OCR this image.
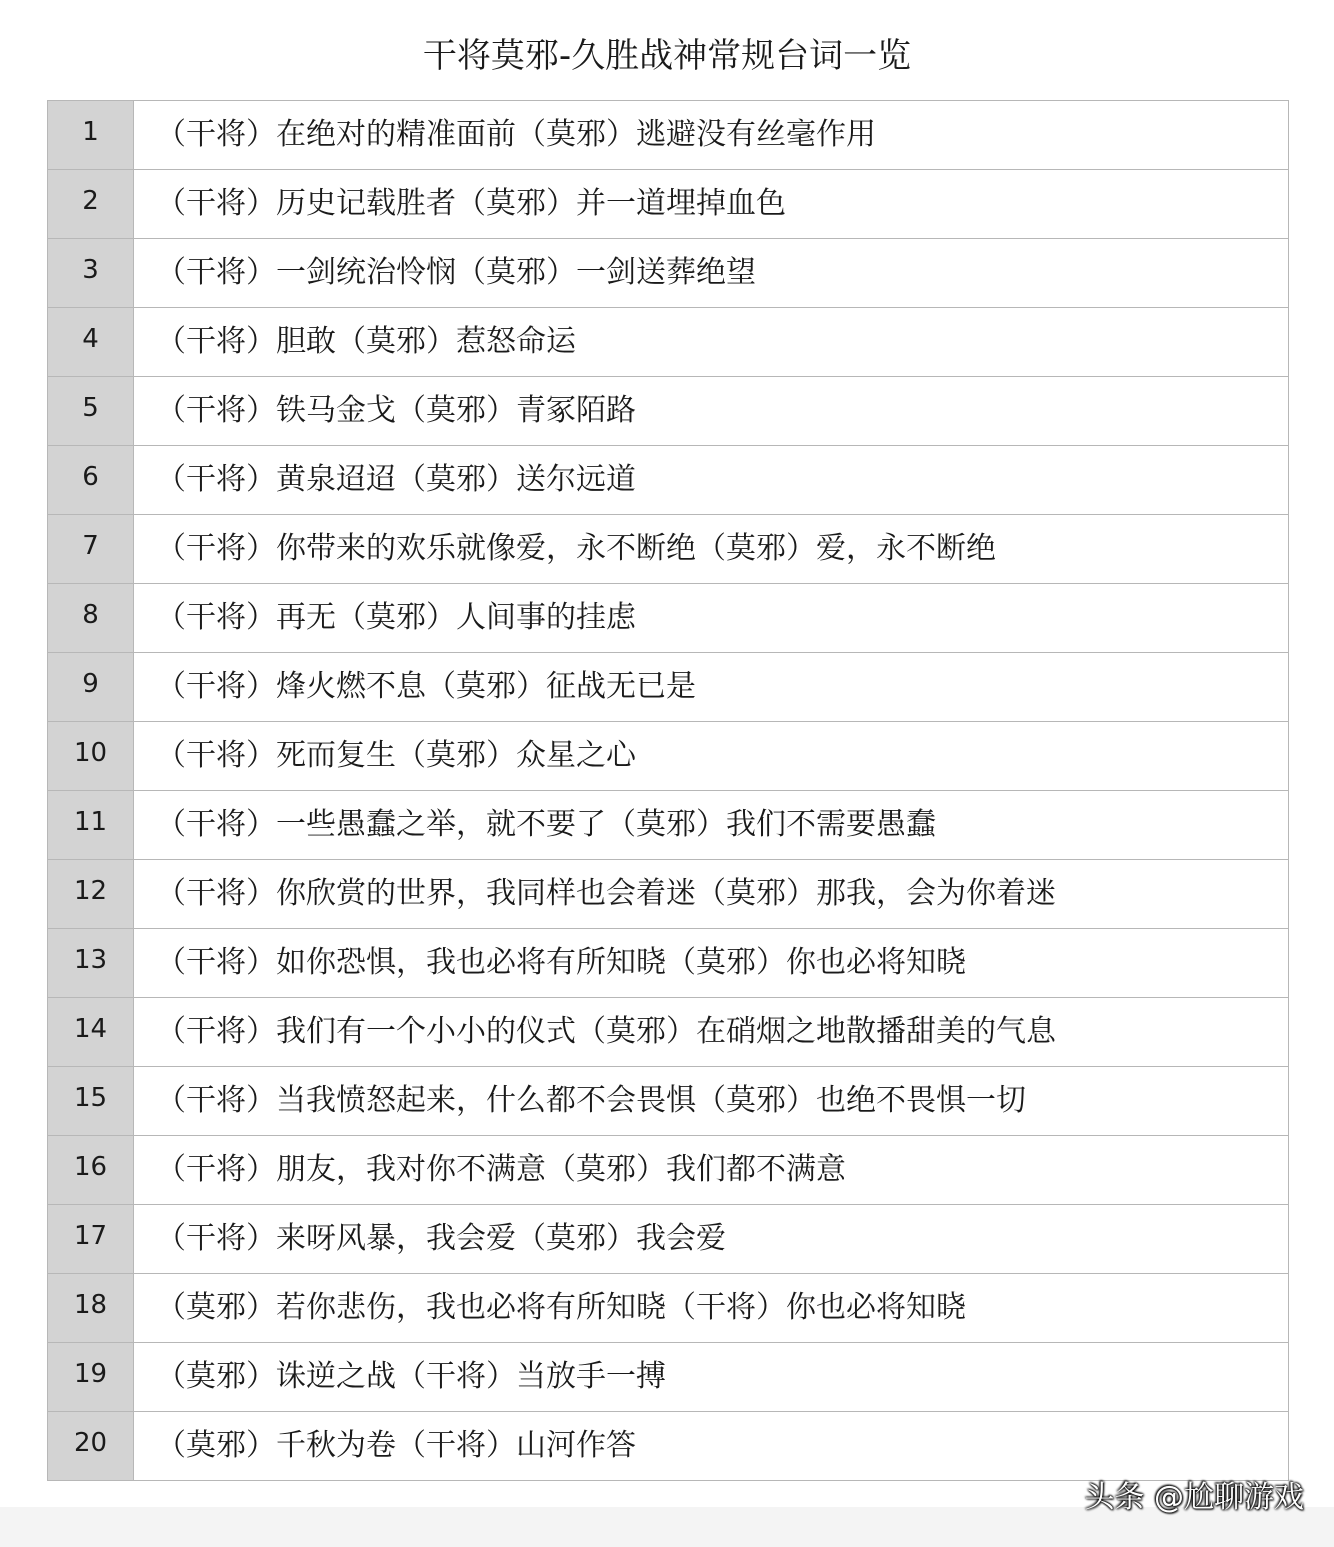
干将莫邪-久胜战神常规台词一览
1	（干将）在绝对的精准面前（莫邪）逃避没有丝毫作用
2	（干将）历史记载胜者（莫邪）并一道埋掉血色
3	（干将）一剑统治怜悯（莫邪）一剑送葬绝望
4	（干将）胆敢（莫邪）惹怒命运
5	（干将）铁马金戈（莫邪）青冢陌路
6	（干将）黄泉迢迢（莫邪）送尔远道
7	（干将）你带来的欢乐就像爱，永不断绝（莫邪）爱，永不断绝
8	（干将）再无（莫邪）人间事的挂虑
9	（干将）烽火燃不息（莫邪）征战无已是
10	（干将）死而复生（莫邪）众星之心
11	（干将）一些愚蠢之举，就不要了（莫邪）我们不需要愚蠢
12	（干将）你欣赏的世界，我同样也会着迷（莫邪）那我，会为你着迷
13	（干将）如你恐惧，我也必将有所知晓（莫邪）你也必将知晓
14	（干将）我们有一个小小的仪式（莫邪）在硝烟之地散播甜美的气息
15	（干将）当我愤怒起来，什么都不会畏惧（莫邪）也绝不畏惧一切
16	（干将）朋友，我对你不满意（莫邪）我们都不满意
17	（干将）来呀风暴，我会爱（莫邪）我会爱
18	（莫邪）若你悲伤，我也必将有所知晓（干将）你也必将知晓
19	（莫邪）诛逆之战（干将）当放手一搏
20	（莫邪）千秋为卷（干将）山河作答
头条 @尬聊游戏
